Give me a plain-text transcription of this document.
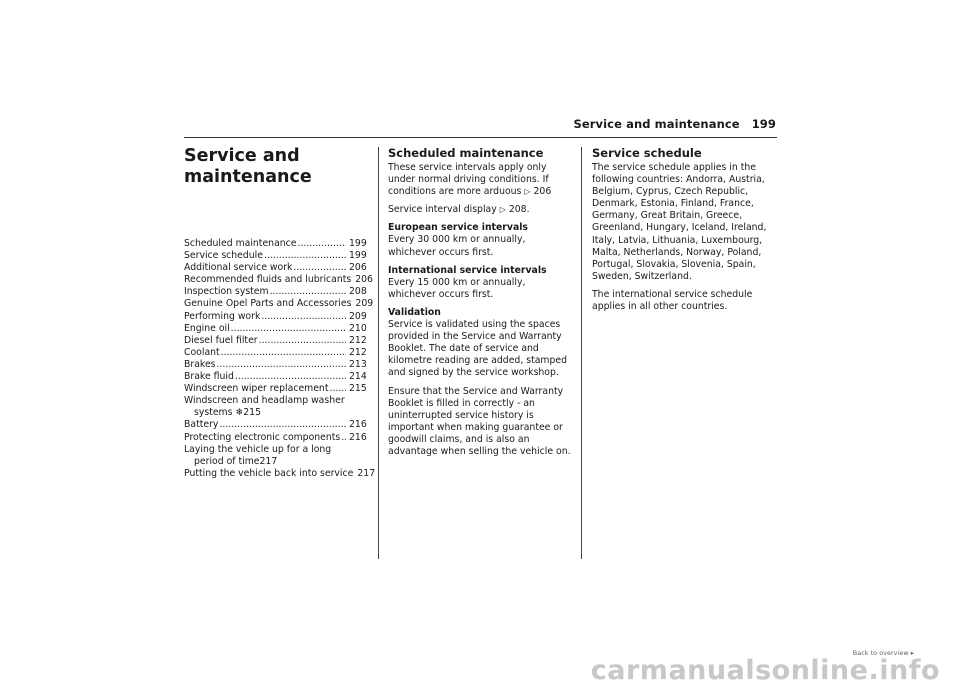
Service and maintenance 199
Service and
maintenance
Scheduled maintenance .....	199
Service schedule .....	199
Additional service work .....	206
Recommended fluids and lubricants 206
Inspection system .....	208
Genuine Opel Parts and Accessories 209
Performing work .....	209
Engine oil .....	210
Diesel fuel filter .....	212
Coolant .....	212
Brakes .....	213
Brake fluid .....	214
Windscreen wiper replacement ..... 215
Windscreen and headlamp washer
systems
❄ 215
Battery .....	216
Protecting electronic components ..... 216
Laying the vehicle up for a long
period of time 217
Putting the vehicle back into service 217
Scheduled maintenance

These service intervals apply only under normal driving conditions. If conditions are more arduous ▷ 206

Service interval display ▷ 208.

European service intervals
Every 30 000 km or annually, whichever occurs first.

International service intervals
Every 15 000 km or annually, whichever occurs first.

Validation
Service is validated using the spaces provided in the Service and Warranty Booklet. The date of service and kilometre reading are added, stamped and signed by the service workshop.

Ensure that the Service and Warranty Booklet is filled in correctly - an uninterrupted service history is important when making guarantee or goodwill claims, and is also an advantage when selling the vehicle on.

Service schedule

The service schedule applies in the following countries: Andorra, Austria, Belgium, Cyprus, Czech Republic, Denmark, Estonia, Finland, France, Germany, Great Britain, Greece, Greenland, Hungary, Iceland, Ireland, Italy, Latvia, Lithuania, Luxembourg, Malta, Netherlands, Norway, Poland, Portugal, Slovakia, Slovenia, Spain, Sweden, Switzerland.

The international service schedule applies in all other countries.

Back to overview ▸
carmanualsonline.info
